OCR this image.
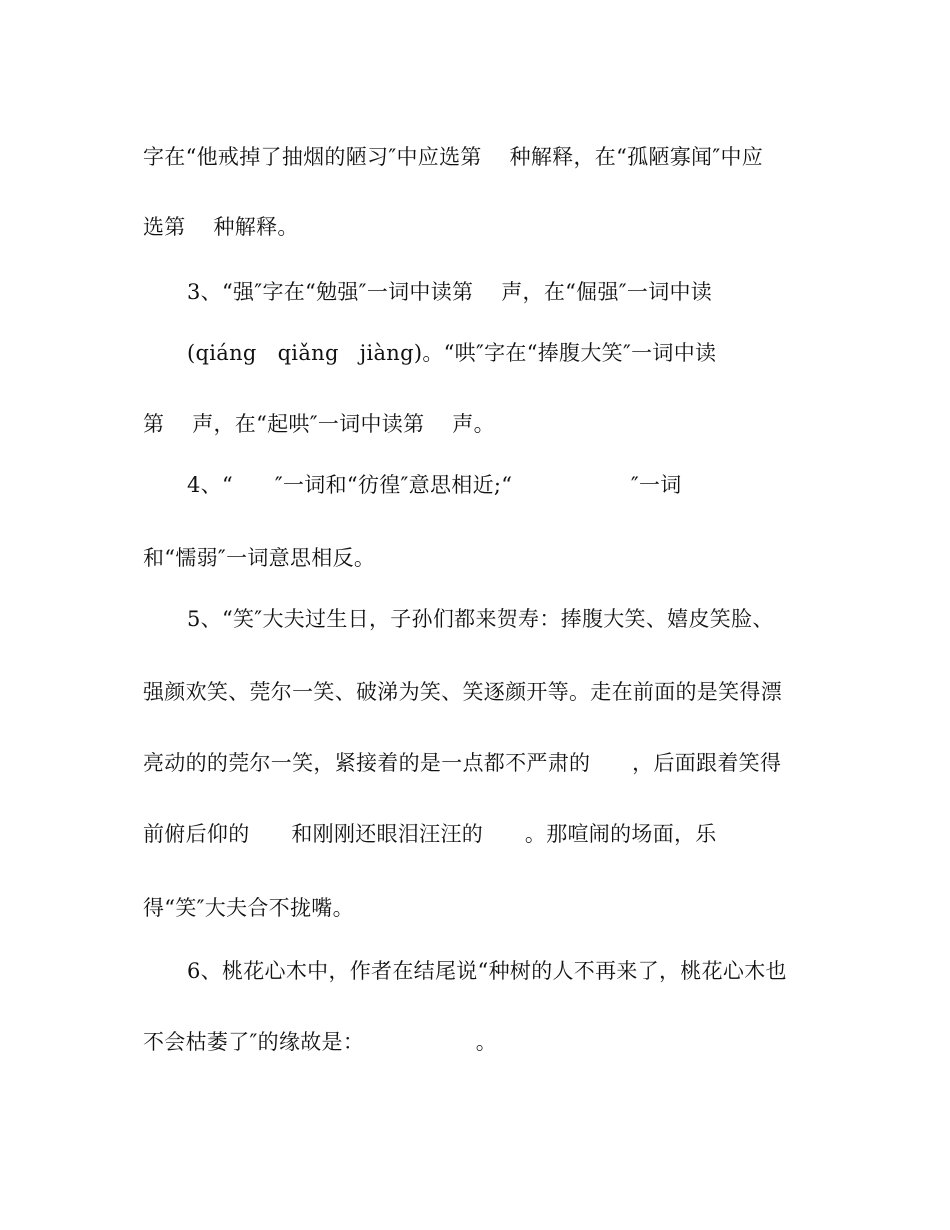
字在“他戒掉了抽烟的陋习″中应选第    种解释，在“孤陋寡闻″中应
选第    种解释。
3、“强″字在“勉强″一词中读第    声，在“倔强″一词中读
(qiáng   qiǎng   jiàng)。“哄″字在“捧腹大笑″一词中读
第    声，在“起哄″一词中读第    声。
4、“      ″一词和“彷徨″意思相近;“                 ″一词
和“懦弱″一词意思相反。
5、“笑″大夫过生日，子孙们都来贺寿：捧腹大笑、嬉皮笑脸、
强颜欢笑、莞尔一笑、破涕为笑、笑逐颜开等。走在前面的是笑得漂
亮动的的莞尔一笑，紧接着的是一点都不严肃的      ，后面跟着笑得
前俯后仰的      和刚刚还眼泪汪汪的      。那喧闹的场面，乐
得“笑″大夫合不拢嘴。
6、桃花心木中，作者在结尾说“种树的人不再来了，桃花心木也
不会枯萎了″的缘故是：                。
